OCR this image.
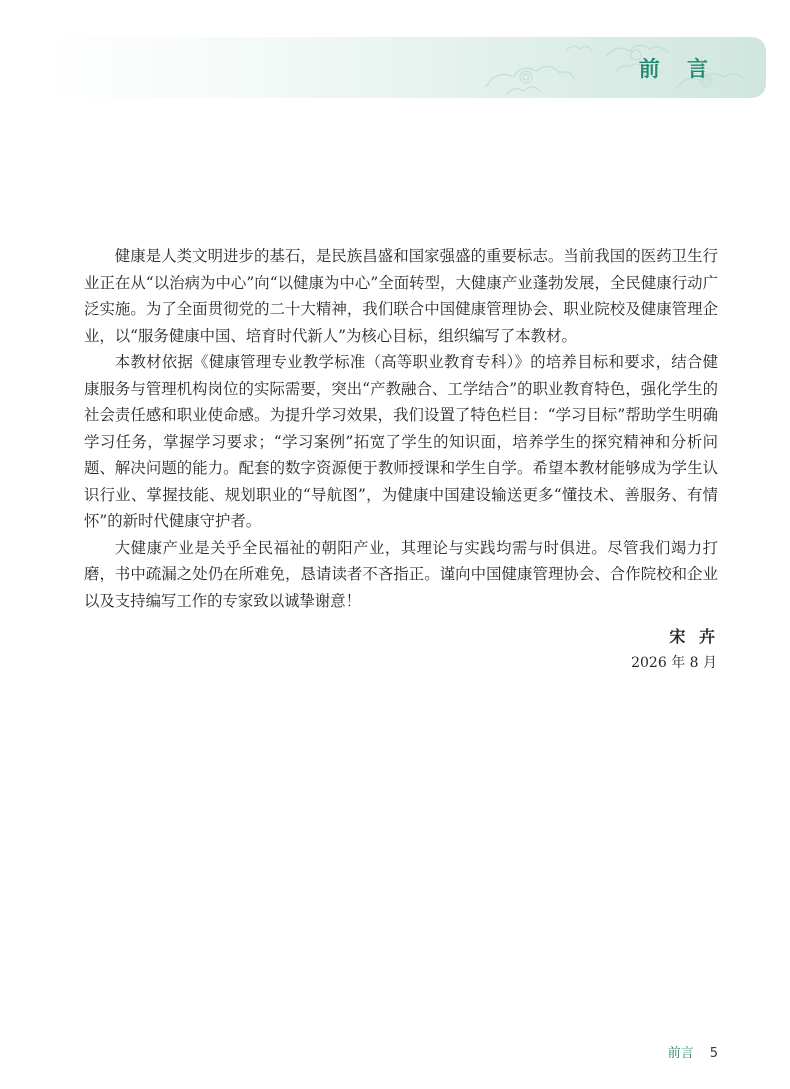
前 言

健康是人类文明进步的基石，是民族昌盛和国家强盛的重要标志。当前我国的医药卫生行业正在从“以治病为中心”向“以健康为中心”全面转型，大健康产业蓬勃发展，全民健康行动广泛实施。为了全面贯彻党的二十大精神，我们联合中国健康管理协会、职业院校及健康管理企业，以“服务健康中国、培育时代新人”为核心目标，组织编写了本教材。

本教材依据《健康管理专业教学标准（高等职业教育专科）》的培养目标和要求，结合健康服务与管理机构岗位的实际需要，突出“产教融合、工学结合”的职业教育特色，强化学生的社会责任感和职业使命感。为提升学习效果，我们设置了特色栏目：“学习目标”帮助学生明确学习任务，掌握学习要求；“学习案例”拓宽了学生的知识面，培养学生的探究精神和分析问题、解决问题的能力。配套的数字资源便于教师授课和学生自学。希望本教材能够成为学生认识行业、掌握技能、规划职业的“导航图”，为健康中国建设输送更多“懂技术、善服务、有情怀”的新时代健康守护者。

大健康产业是关乎全民福祉的朝阳产业，其理论与实践均需与时俱进。尽管我们竭力打磨，书中疏漏之处仍在所难免，恳请读者不吝指正。谨向中国健康管理协会、合作院校和企业以及支持编写工作的专家致以诚挚谢意！

宋 卉
2026 年 8 月
前言 5
